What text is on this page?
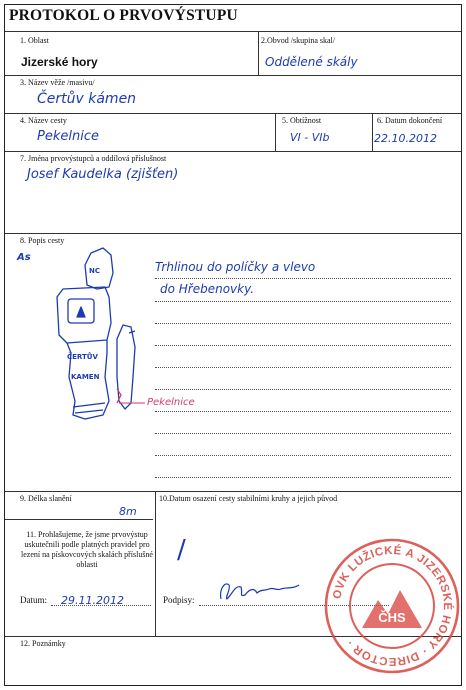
PROTOKOL O PRVOVÝSTUPU
1. Oblast
Jizerské hory
2.Obvod /skupina skal/
Oddělené skály
3. Název věže /masivu/
Čertův kámen
4. Název cesty
Pekelnice
5. Obtížnost
VI - VIb
6. Datum dokončení
22.10.2012
7. Jména prvovýstupců a oddílová příslušnost
Josef Kaudelka (zjišťen)
8. Popis cesty
As
Trhlinou do políčky a vlevo
do Hřebenovky.
NC
ČERTŮV
KAMEN
Pekelnice
9. Délka slanění
8m
10.Datum osazení cesty stabilními kruhy a jejich původ
/
11. Prohlašujeme, že jsme prvovýstup uskutečnili podle platných pravidel pro lezení na pískovcových skalách příslušné oblasti
Datum: 29.11.2012	Podpisy:
12. Poznámky
OVK LUŽICKÉ A JIZERSKÉ HORY · DIRECTOR ·
ČHS
